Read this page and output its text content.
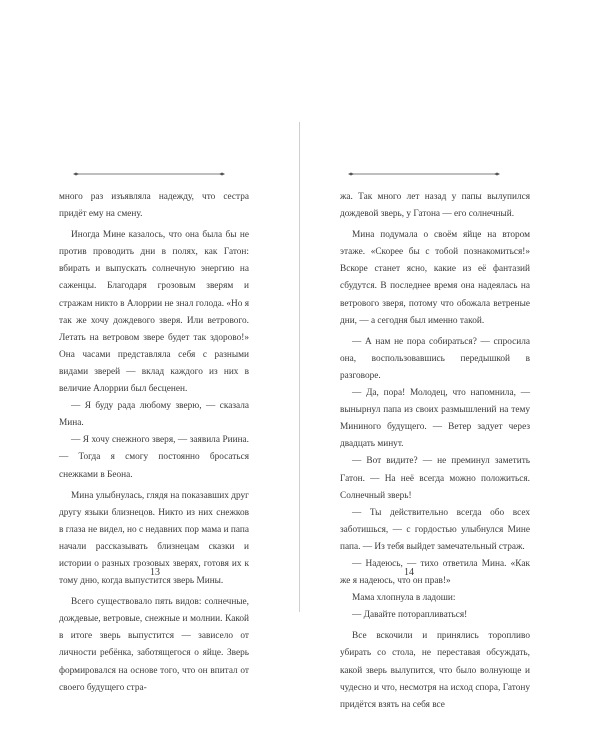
много раз изъявляла надежду, что сестра придёт ему на смену.

Иногда Мине казалось, что она была бы не против проводить дни в полях, как Гатон: вбирать и выпускать солнечную энергию на саженцы. Благодаря грозовым зверям и стражам никто в Алоррии не знал голода. «Но я так же хочу дождевого зверя. Или ветрового. Летать на ветровом звере будет так здорово!» Она часами представляла себя с разными видами зверей — вклад каждого из них в величие Алоррии был бесценен.

— Я буду рада любому зверю, — сказала Мина.

— Я хочу снежного зверя, — заявила Риина. — Тогда я смогу постоянно бросаться снежками в Беона.

Мина улыбнулась, глядя на показавших друг другу языки близнецов. Никто из них снежков в глаза не видел, но с недавних пор мама и папа начали рассказывать близнецам сказки и истории о разных грозовых зверях, готовя их к тому дню, когда выпустится зверь Мины.

Всего существовало пять видов: солнечные, дождевые, ветровые, снежные и молнии. Какой в итоге зверь выпустится — зависело от личности ребёнка, заботящегося о яйце. Зверь формировался на основе того, что он впитал от своего будущего стра-

13

жа. Так много лет назад у папы вылупился дождевой зверь, у Гатона — его солнечный.

Мина подумала о своём яйце на втором этаже. «Скорее бы с тобой познакомиться!» Вскоре станет ясно, какие из её фантазий сбудутся. В последнее время она надеялась на ветрового зверя, потому что обожала ветреные дни, — а сегодня был именно такой.

— А нам не пора собираться? — спросила она, воспользовавшись передышкой в разговоре.

— Да, пора! Молодец, что напомнила, — вынырнул папа из своих размышлений на тему Мининого будущего. — Ветер задует через двадцать минут.

— Вот видите? — не преминул заметить Гатон. — На неё всегда можно положиться. Солнечный зверь!

— Ты действительно всегда обо всех заботишься, — с гордостью улыбнулся Мине папа. — Из тебя выйдет замечательный страж.

— Надеюсь, — тихо ответила Мина. «Как же я надеюсь, что он прав!»

Мама хлопнула в ладоши:

— Давайте поторапливаться!

Все вскочили и принялись торопливо убирать со стола, не переставая обсуждать, какой зверь вылупится, что было волнующе и чудесно и что, несмотря на исход спора, Гатону придётся взять на себя все

14
